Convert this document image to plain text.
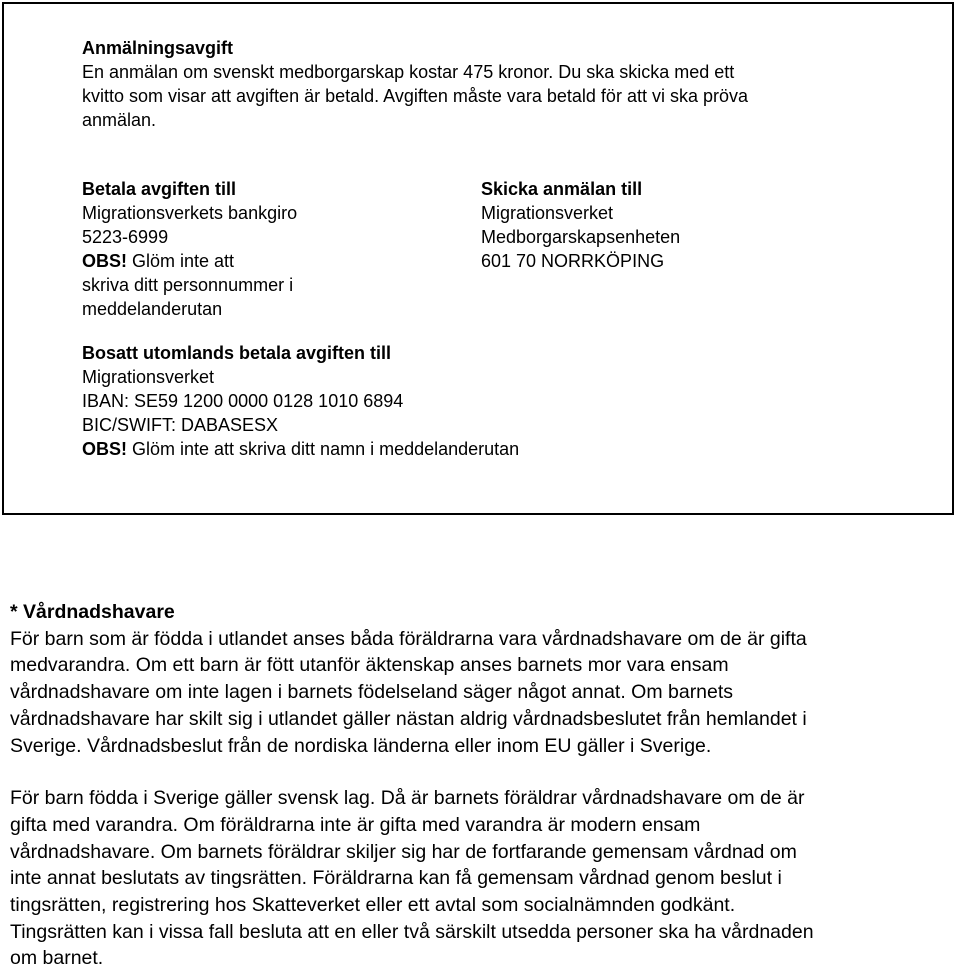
Anmälningsavgift
En anmälan om svenskt medborgarskap kostar 475 kronor. Du ska skicka med ett
kvitto som visar att avgiften är betald. Avgiften måste vara betald för att vi ska pröva
anmälan.
Betala avgiften till
Migrationsverkets bankgiro
5223-6999
OBS! Glöm inte att
skriva ditt personnummer i
meddelanderutan
Skicka anmälan till
Migrationsverket
Medborgarskapsenheten
601 70 NORRKÖPING
Bosatt utomlands betala avgiften till
Migrationsverket
IBAN: SE59 1200 0000 0128 1010 6894
BIC/SWIFT: DABASESX
OBS! Glöm inte att skriva ditt namn i meddelanderutan
* Vårdnadshavare

För barn som är födda i utlandet anses båda föräldrarna vara vårdnadshavare om de är gifta
medvarandra. Om ett barn är fött utanför äktenskap anses barnets mor vara ensam
vårdnadshavare om inte lagen i barnets födelseland säger något annat. Om barnets
vårdnadshavare har skilt sig i utlandet gäller nästan aldrig vårdnadsbeslutet från hemlandet i
Sverige. Vårdnadsbeslut från de nordiska länderna eller inom EU gäller i Sverige.

För barn födda i Sverige gäller svensk lag. Då är barnets föräldrar vårdnadshavare om de är
gifta med varandra. Om föräldrarna inte är gifta med varandra är modern ensam
vårdnadshavare. Om barnets föräldrar skiljer sig har de fortfarande gemensam vårdnad om
inte annat beslutats av tingsrätten. Föräldrarna kan få gemensam vårdnad genom beslut i
tingsrätten, registrering hos Skatteverket eller ett avtal som socialnämnden godkänt.
Tingsrätten kan i vissa fall besluta att en eller två särskilt utsedda personer ska ha vårdnaden
om barnet.
